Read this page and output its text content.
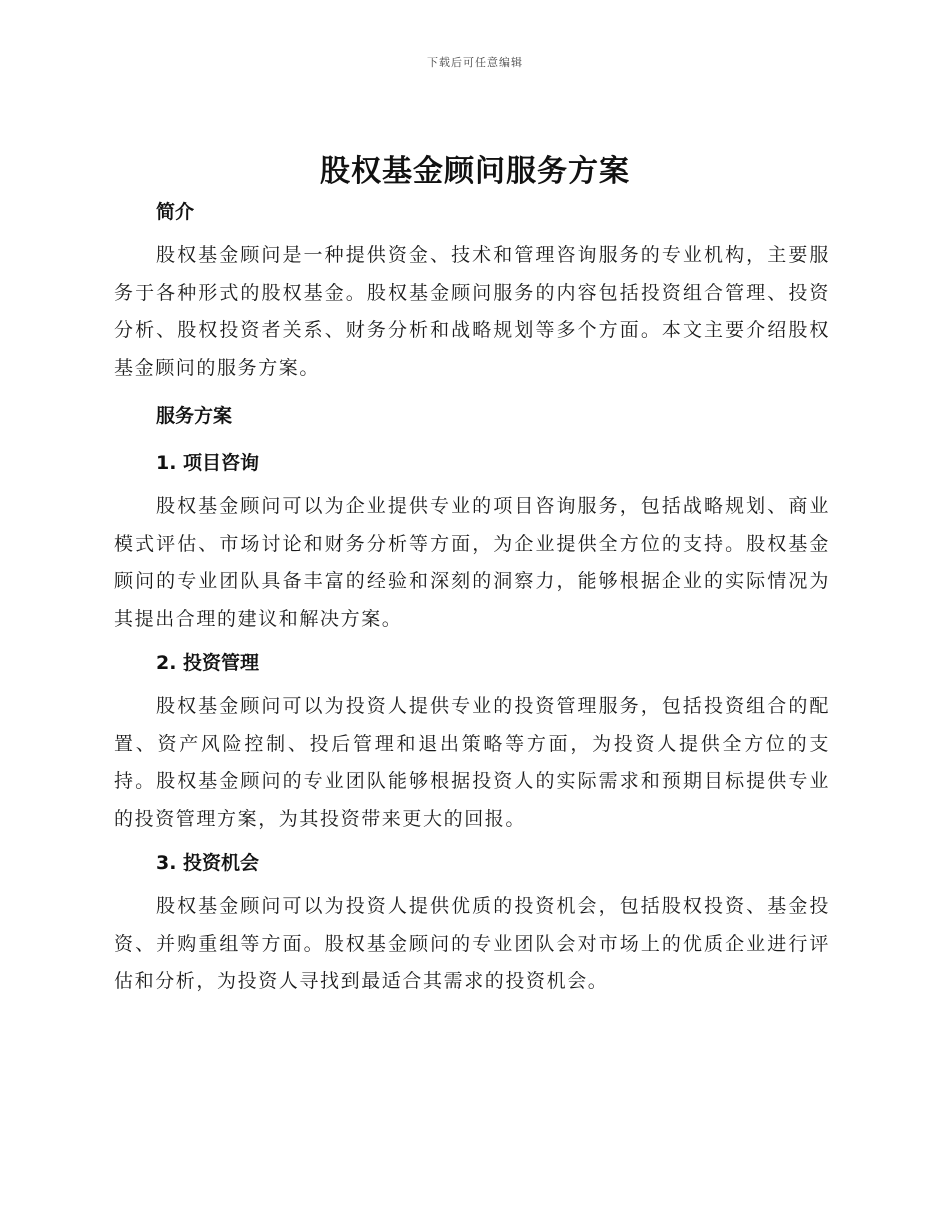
下载后可任意编辑
股权基金顾问服务方案
简介

股权基金顾问是一种提供资金、技术和管理咨询服务的专业机构，主要服务于各种形式的股权基金。股权基金顾问服务的内容包括投资组合管理、投资分析、股权投资者关系、财务分析和战略规划等多个方面。本文主要介绍股权基金顾问的服务方案。

服务方案
1. 项目咨询

股权基金顾问可以为企业提供专业的项目咨询服务，包括战略规划、商业模式评估、市场讨论和财务分析等方面，为企业提供全方位的支持。股权基金顾问的专业团队具备丰富的经验和深刻的洞察力，能够根据企业的实际情况为其提出合理的建议和解决方案。

2. 投资管理

股权基金顾问可以为投资人提供专业的投资管理服务，包括投资组合的配置、资产风险控制、投后管理和退出策略等方面，为投资人提供全方位的支持。股权基金顾问的专业团队能够根据投资人的实际需求和预期目标提供专业的投资管理方案，为其投资带来更大的回报。

3. 投资机会

股权基金顾问可以为投资人提供优质的投资机会，包括股权投资、基金投资、并购重组等方面。股权基金顾问的专业团队会对市场上的优质企业进行评估和分析，为投资人寻找到最适合其需求的投资机会。
